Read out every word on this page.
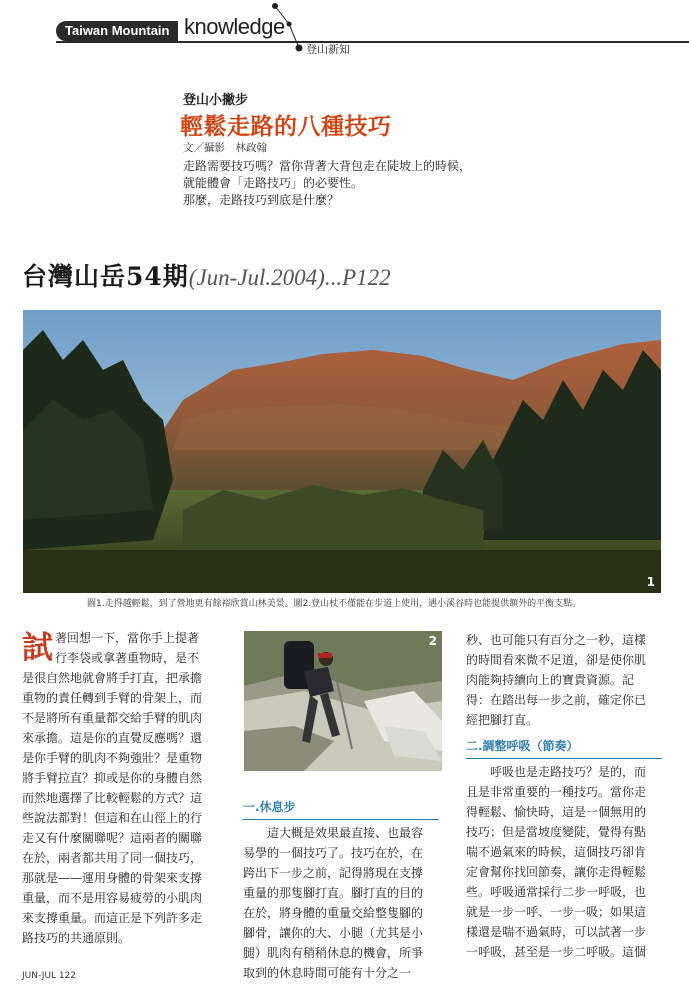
Taiwan Mountain knowledge
登山新知
登山小撇步
輕鬆走路的八種技巧
文／攝影　林政翰
走路需要技巧嗎？當你背著大背包走在陡坡上的時候，
就能體會「走路技巧」的必要性。
那麼，走路技巧到底是什麼？
台灣山岳54期(Jun-Jul.2004)...P122
1
圖1.走得越輕鬆，到了營地更有餘裕欣賞山林美景。圖2.登山杖不僅能在步道上使用，遇小溪谷時也能提供額外的平衡支點。
試 著回想一下，當你手上提著
行李袋或拿著重物時，是不
是很自然地就會將手打直，把承擔
重物的責任轉到手臂的骨架上，而
不是將所有重量都交給手臂的肌肉
來承擔。這是你的直覺反應嗎？還
是你手臂的肌肉不夠強壯？是重物
將手臂拉直？抑或是你的身體自然
而然地選擇了比較輕鬆的方式？這
些說法都對！但這和在山徑上的行
走又有什麼關聯呢？這兩者的關聯
在於，兩者都共用了同一個技巧，
那就是——運用身體的骨架來支撐
重量，而不是用容易疲勞的小肌肉
來支撐重量。而這正是下列許多走
路技巧的共通原則。
2
一.休息步
　　這大概是效果最直接、也最容
易學的一個技巧了。技巧在於，在
跨出下一步之前，記得將現在支撐
重量的那隻腳打直。腳打直的目的
在於，將身體的重量交給整隻腳的
腳骨，讓你的大、小腿（尤其是小
腿）肌肉有稍稍休息的機會，所爭
取到的休息時間可能有十分之一
秒、也可能只有百分之一秒，這樣
的時間看來微不足道，卻是使你肌
肉能夠持續向上的寶貴資源。記
得：在踏出每一步之前，確定你已
經把腳打直。
二.調整呼吸（節奏）
　　呼吸也是走路技巧？是的，而
且是非常重要的一種技巧。當你走
得輕鬆、愉快時，這是一個無用的
技巧；但是當坡度變陡，覺得有點
喘不過氣來的時候，這個技巧卻肯
定會幫你找回節奏，讓你走得輕鬆
些。呼吸通常採行二步一呼吸，也
就是一步一呼、一步一吸；如果這
樣還是喘不過氣時，可以試著一步
一呼吸，甚至是一步二呼吸。這個
JUN-JUL 122
